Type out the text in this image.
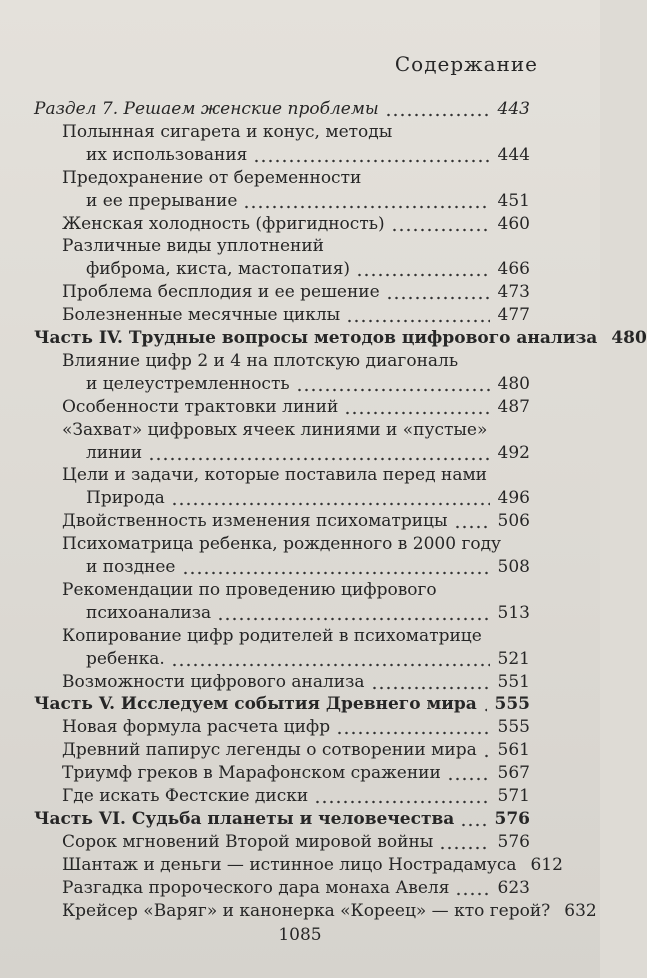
Содержание
Раздел 7. Решаем женские проблемы	443
Полынная сигарета и конус, методы
их использования	444
Предохранение от беременности
и ее прерывание	451
Женская холодность (фригидность)	460
Различные виды уплотнений
фиброма, киста, мастопатия)	466
Проблема бесплодия и ее решение	473
Болезненные месячные циклы	477
Часть IV. Трудные вопросы методов цифрового анализа 480
Влияние цифр 2 и 4 на плотскую диагональ
и целеустремленность	480
Особенности трактовки линий	487
«Захват» цифровых ячеек линиями и «пустые»
линии	492
Цели и задачи, которые поставила перед нами
Природа	496
Двойственность изменения психоматрицы	506
Психоматрица ребенка, рожденного в 2000 году
и позднее	508
Рекомендации по проведению цифрового
психоанализа	513
Копирование цифр родителей в психоматрице
ребенка.	521
Возможности цифрового анализа	551
Часть V. Исследуем события Древнего мира 555
Новая формула расчета цифр	555
Древний папирус легенды о сотворении мира 561
Триумф греков в Марафонском сражении	567
Где искать Фестские диски	571
Часть VI. Судьба планеты и человечества 576
Сорок мгновений Второй мировой войны	576
Шантаж и деньги — истинное лицо Нострадамуса 612
Разгадка пророческого дара монаха Авеля	623
Крейсер «Варяг» и канонерка «Кореец» — кто герой? 632
1085
